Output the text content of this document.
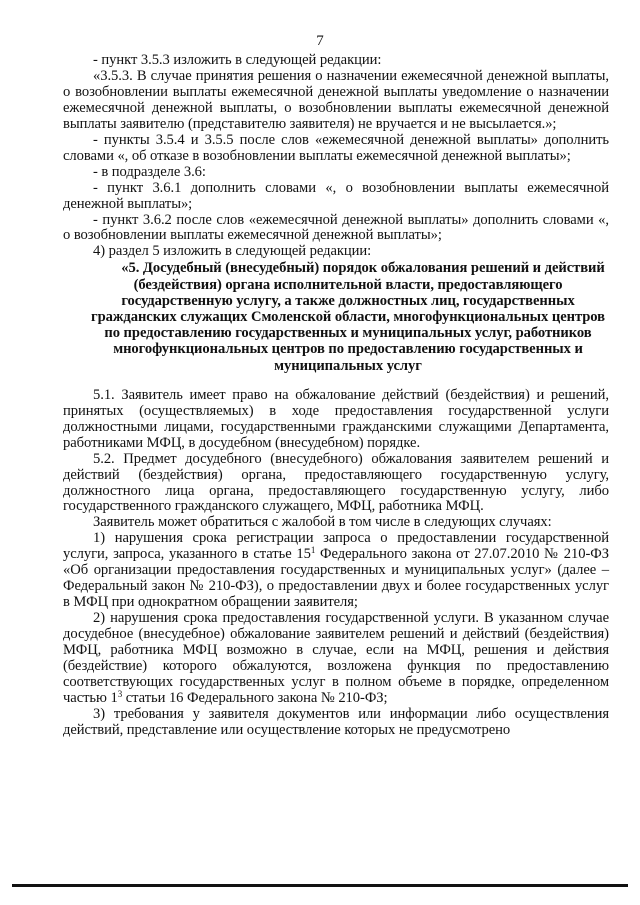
7

- пункт 3.5.3 изложить в следующей редакции:

«3.5.3. В случае принятия решения о назначении ежемесячной денежной выплаты, о возобновлении выплаты ежемесячной денежной выплаты уведомление о назначении ежемесячной денежной выплаты, о возобновлении выплаты ежемесячной денежной выплаты заявителю (представителю заявителя) не вручается и не высылается.»;

- пункты 3.5.4 и 3.5.5 после слов «ежемесячной денежной выплаты» дополнить словами «, об отказе в возобновлении выплаты ежемесячной денежной выплаты»;

- в подразделе 3.6:

- пункт 3.6.1 дополнить словами «, о возобновлении выплаты ежемесячной денежной выплаты»;

- пункт 3.6.2 после слов «ежемесячной денежной выплаты» дополнить словами «, о возобновлении выплаты ежемесячной денежной выплаты»;

4) раздел 5 изложить в следующей редакции:

«5. Досудебный (внесудебный) порядок обжалования решений и действий (бездействия) органа исполнительной власти, предоставляющего государственную услугу, а также должностных лиц, государственных гражданских служащих Смоленской области, многофункциональных центров по предоставлению государственных и муниципальных услуг, работников многофункциональных центров по предоставлению государственных и муниципальных услуг

5.1. Заявитель имеет право на обжалование действий (бездействия) и решений, принятых (осуществляемых) в ходе предоставления государственной услуги должностными лицами, государственными гражданскими служащими Департамента, работниками МФЦ, в досудебном (внесудебном) порядке.

5.2. Предмет досудебного (внесудебного) обжалования заявителем решений и действий (бездействия) органа, предоставляющего государственную услугу, должностного лица органа, предоставляющего государственную услугу, либо государственного гражданского служащего, МФЦ, работника МФЦ.

Заявитель может обратиться с жалобой в том числе в следующих случаях:

1) нарушения срока регистрации запроса о предоставлении государственной услуги, запроса, указанного в статье $15^1$ Федерального закона от 27.07.2010 № 210-ФЗ «Об организации предоставления государственных и муниципальных услуг» (далее – Федеральный закон № 210-ФЗ), о предоставлении двух и более государственных услуг в МФЦ при однократном обращении заявителя;

2) нарушения срока предоставления государственной услуги. В указанном случае досудебное (внесудебное) обжалование заявителем решений и действий (бездействия) МФЦ, работника МФЦ возможно в случае, если на МФЦ, решения и действия (бездействие) которого обжалуются, возложена функция по предоставлению соответствующих государственных услуг в полном объеме в порядке, определенном частью $1^3$ статьи 16 Федерального закона № 210-ФЗ;

3) требования у заявителя документов или информации либо осуществления действий, представление или осуществление которых не предусмотрено
